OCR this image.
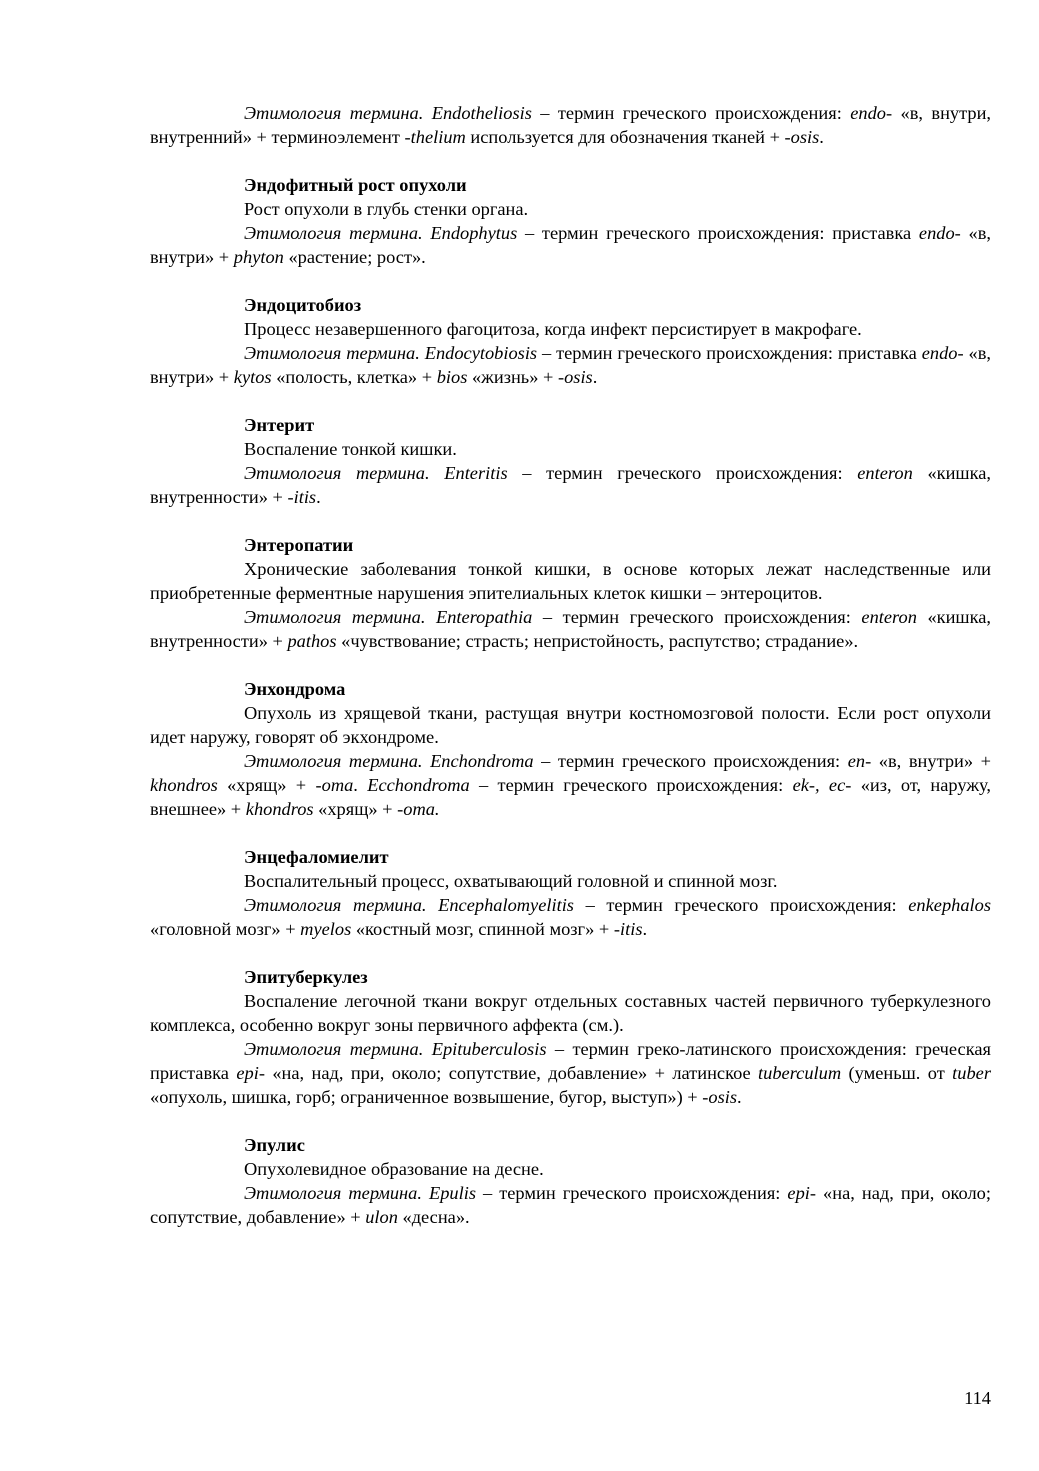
Этимология термина. Endotheliosis – термин греческого происхождения: endo- «в, внутри, внутренний» + терминоэлемент -thelium используется для обозначения тканей + -osis.

Эндофитный рост опухоли

Рост опухоли в глубь стенки органа.

Этимология термина. Endophytus – термин греческого происхождения: приставка endo- «в, внутри» + phyton «растение; рост».

Эндоцитобиоз

Процесс незавершенного фагоцитоза, когда инфект персистирует в макрофаге.

Этимология термина. Endocytobiosis – термин греческого происхождения: приставка endo- «в, внутри» + kytos «полость, клетка» + bios «жизнь» + -osis.

Энтерит

Воспаление тонкой кишки.

Этимология термина. Enteritis – термин греческого происхождения: enteron «кишка, внутренности» + -itis.

Энтеропатии

Хронические заболевания тонкой кишки, в основе которых лежат наследственные или приобретенные ферментные нарушения эпителиальных клеток кишки – энтероцитов.

Этимология термина. Enteropathia – термин греческого происхождения: enteron «кишка, внутренности» + pathos «чувствование; страсть; непристойность, распутство; страдание».

Энхондрома

Опухоль из хрящевой ткани, растущая внутри костномозговой полости. Если рост опухоли идет наружу, говорят об экхондроме.

Этимология термина. Enchondroma – термин греческого происхождения: en- «в, внутри» + khondros «хрящ» + -oma. Ecchondroma – термин греческого происхождения: ek-, ec- «из, от, наружу, внешнее» + khondros «хрящ» + -oma.

Энцефаломиелит

Воспалительный процесс, охватывающий головной и спинной мозг.

Этимология термина. Encephalomyelitis – термин греческого происхождения: enkephalos «головной мозг» + myelos «костный мозг, спинной мозг» + -itis.

Эпитуберкулез

Воспаление легочной ткани вокруг отдельных составных частей первичного туберкулезного комплекса, особенно вокруг зоны первичного аффекта (см.).

Этимология термина. Epituberculosis – термин греко-латинского происхождения: греческая приставка epi- «на, над, при, около; сопутствие, добавление» + латинское tuberculum (уменьш. от tuber «опухоль, шишка, горб; ограниченное возвышение, бугор, выступ») + -osis.

Эпулис

Опухолевидное образование на десне.

Этимология термина. Epulis – термин греческого происхождения: epi- «на, над, при, около; сопутствие, добавление» + ulon «десна».

114
